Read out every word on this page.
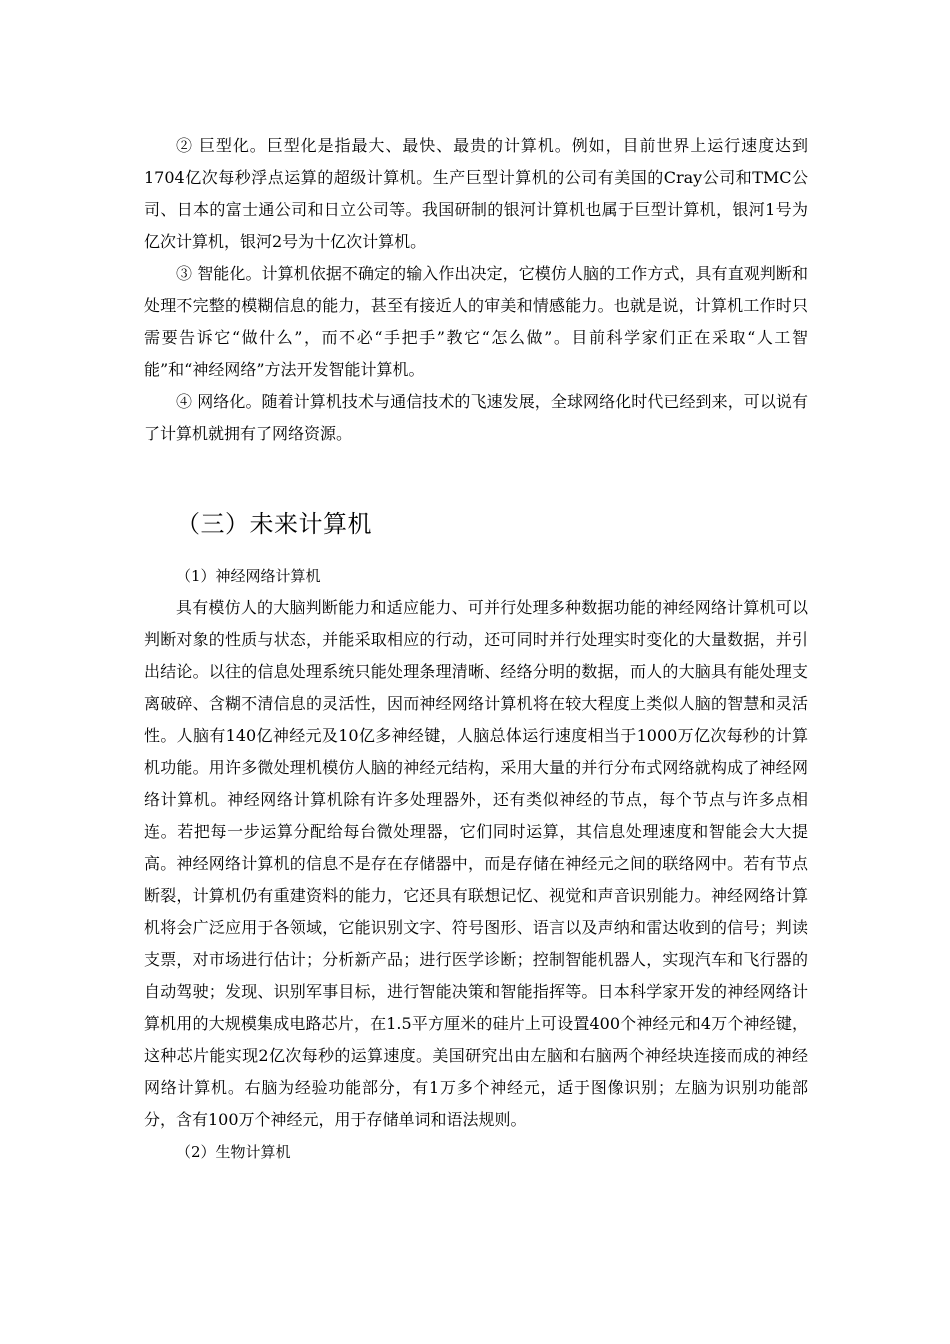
② 巨型化。巨型化是指最大、最快、最贵的计算机。例如，目前世界上运行速度达到1704亿次每秒浮点运算的超级计算机。生产巨型计算机的公司有美国的Cray公司和TMC公司、日本的富士通公司和日立公司等。我国研制的银河计算机也属于巨型计算机，银河1号为亿次计算机，银河2号为十亿次计算机。

③ 智能化。计算机依据不确定的输入作出决定，它模仿人脑的工作方式，具有直观判断和处理不完整的模糊信息的能力，甚至有接近人的审美和情感能力。也就是说，计算机工作时只需要告诉它“做什么”，而不必“手把手”教它“怎么做”。目前科学家们正在采取“人工智能”和“神经网络”方法开发智能计算机。

④ 网络化。随着计算机技术与通信技术的飞速发展，全球网络化时代已经到来，可以说有了计算机就拥有了网络资源。

（三）未来计算机

（1）神经网络计算机

具有模仿人的大脑判断能力和适应能力、可并行处理多种数据功能的神经网络计算机可以判断对象的性质与状态，并能采取相应的行动，还可同时并行处理实时变化的大量数据，并引出结论。以往的信息处理系统只能处理条理清晰、经络分明的数据，而人的大脑具有能处理支离破碎、含糊不清信息的灵活性，因而神经网络计算机将在较大程度上类似人脑的智慧和灵活性。人脑有140亿神经元及10亿多神经键，人脑总体运行速度相当于1000万亿次每秒的计算机功能。用许多微处理机模仿人脑的神经元结构，采用大量的并行分布式网络就构成了神经网络计算机。神经网络计算机除有许多处理器外，还有类似神经的节点，每个节点与许多点相连。若把每一步运算分配给每台微处理器，它们同时运算，其信息处理速度和智能会大大提高。神经网络计算机的信息不是存在存储器中，而是存储在神经元之间的联络网中。若有节点断裂，计算机仍有重建资料的能力，它还具有联想记忆、视觉和声音识别能力。神经网络计算机将会广泛应用于各领域，它能识别文字、符号图形、语言以及声纳和雷达收到的信号；判读支票，对市场进行估计；分析新产品；进行医学诊断；控制智能机器人，实现汽车和飞行器的自动驾驶；发现、识别军事目标，进行智能决策和智能指挥等。日本科学家开发的神经网络计算机用的大规模集成电路芯片，在1.5平方厘米的硅片上可设置400个神经元和4万个神经键，这种芯片能实现2亿次每秒的运算速度。美国研究出由左脑和右脑两个神经块连接而成的神经网络计算机。右脑为经验功能部分，有1万多个神经元，适于图像识别；左脑为识别功能部分，含有100万个神经元，用于存储单词和语法规则。

（2）生物计算机
